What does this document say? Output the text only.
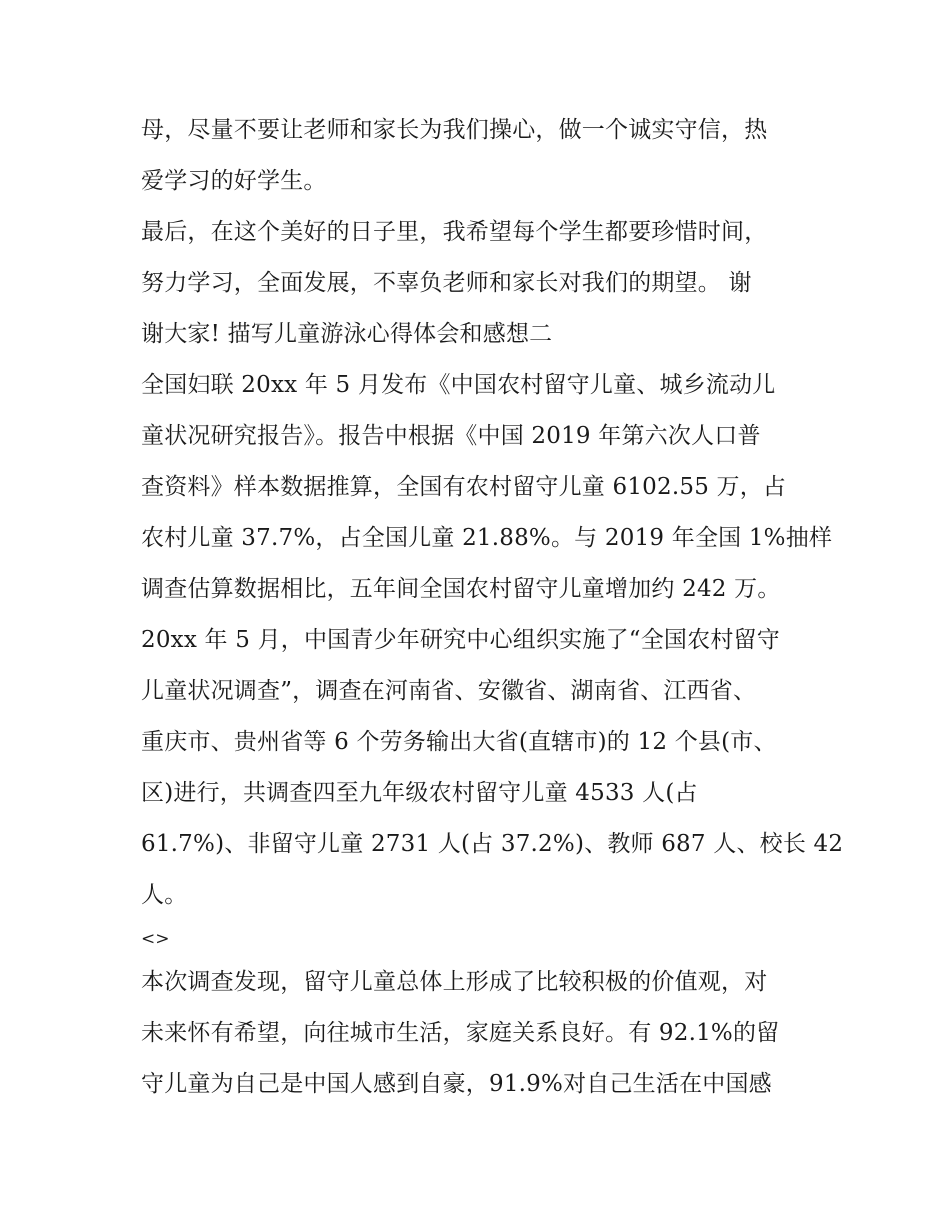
母，尽量不要让老师和家长为我们操心，做一个诚实守信，热
爱学习的好学生。
最后，在这个美好的日子里，我希望每个学生都要珍惜时间，
努力学习，全面发展，不辜负老师和家长对我们的期望。 谢
谢大家! 描写儿童游泳心得体会和感想二
全国妇联 20xx 年 5 月发布《中国农村留守儿童、城乡流动儿
童状况研究报告》。报告中根据《中国 2019 年第六次人口普
查资料》样本数据推算，全国有农村留守儿童 6102.55 万，占
农村儿童 37.7%，占全国儿童 21.88%。与 2019 年全国 1%抽样
调查估算数据相比，五年间全国农村留守儿童增加约 242 万。
20xx 年 5 月，中国青少年研究中心组织实施了“全国农村留守
儿童状况调查”，调查在河南省、安徽省、湖南省、江西省、
重庆市、贵州省等 6 个劳务输出大省(直辖市)的 12 个县(市、
区)进行，共调查四至九年级农村留守儿童 4533 人(占
61.7%)、非留守儿童 2731 人(占 37.2%)、教师 687 人、校长 42
人。
<>
本次调查发现，留守儿童总体上形成了比较积极的价值观，对
未来怀有希望，向往城市生活，家庭关系良好。有 92.1%的留
守儿童为自己是中国人感到自豪，91.9%对自己生活在中国感
